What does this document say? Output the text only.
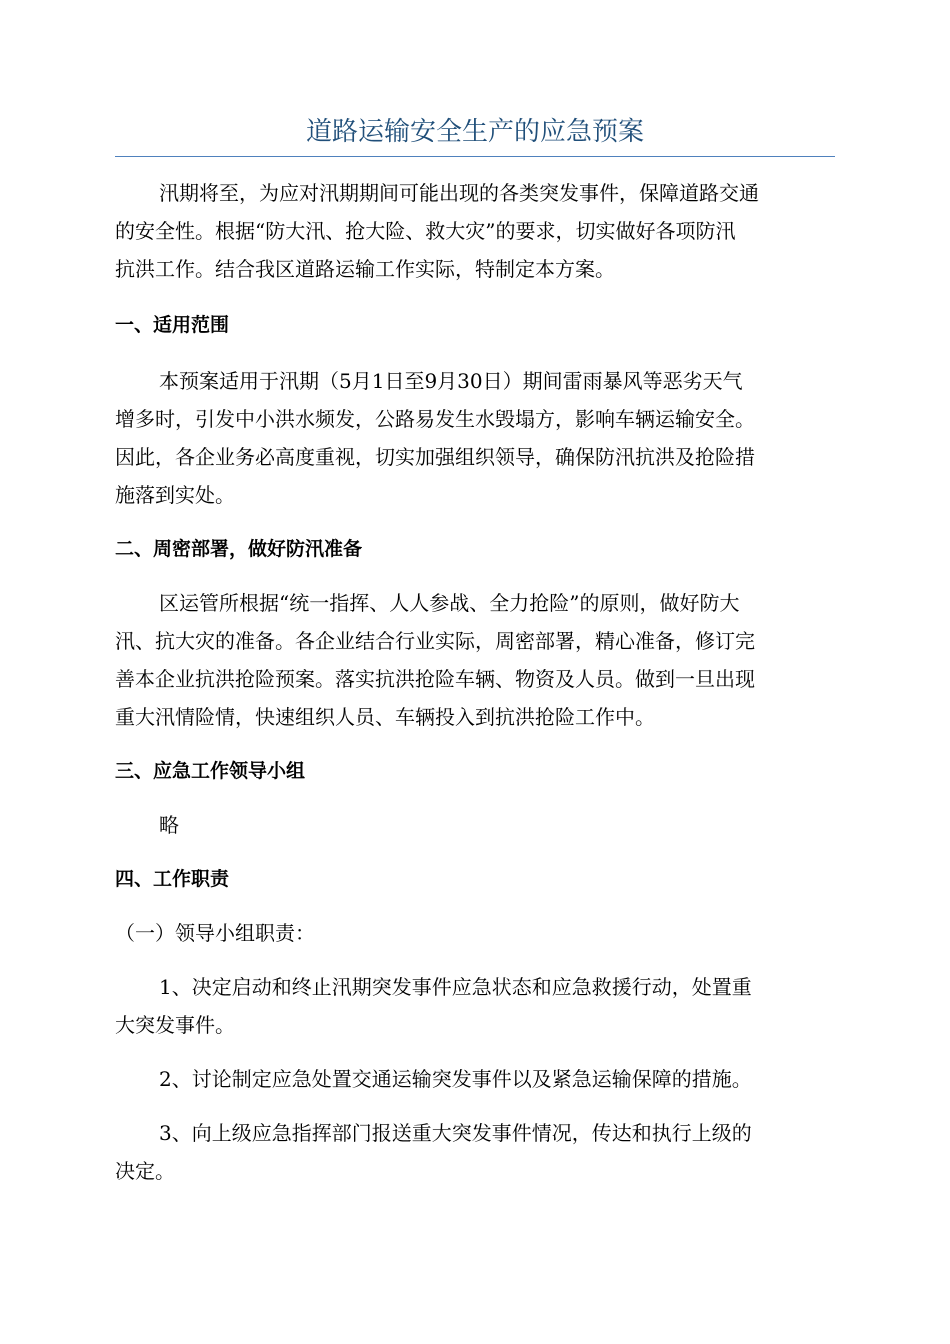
道路运输安全生产的应急预案

汛期将至，为应对汛期期间可能出现的各类突发事件，保障道路交通
的安全性。根据“防大汛、抢大险、救大灾”的要求，切实做好各项防汛
抗洪工作。结合我区道路运输工作实际，特制定本方案。

一、适用范围

本预案适用于汛期（5月1日至9月30日）期间雷雨暴风等恶劣天气
增多时，引发中小洪水频发，公路易发生水毁塌方，影响车辆运输安全。
因此，各企业务必高度重视，切实加强组织领导，确保防汛抗洪及抢险措
施落到实处。

二、周密部署，做好防汛准备

区运管所根据“统一指挥、人人参战、全力抢险”的原则，做好防大
汛、抗大灾的准备。各企业结合行业实际，周密部署，精心准备，修订完
善本企业抗洪抢险预案。落实抗洪抢险车辆、物资及人员。做到一旦出现
重大汛情险情，快速组织人员、车辆投入到抗洪抢险工作中。

三、应急工作领导小组

略

四、工作职责

（一）领导小组职责：

1、决定启动和终止汛期突发事件应急状态和应急救援行动，处置重
大突发事件。

2、讨论制定应急处置交通运输突发事件以及紧急运输保障的措施。

3、向上级应急指挥部门报送重大突发事件情况，传达和执行上级的
决定。
